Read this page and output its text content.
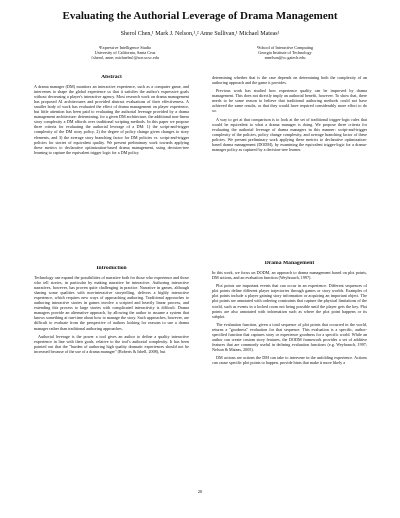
Evaluating the Authorial Leverage of Drama Management
Sherol Chen,¹ Mark J. Nelson,¹,² Anne Sullivan,¹ Michael Mateas¹
¹Expressive Intelligence Studio
University of California, Santa Cruz
{sherol, anne, michaelm}@soe.ucsc.edu
²School of Interactive Computing
Georgia Institute of Technology
mnelson@cc.gatech.edu
Abstract

A drama manager (DM) monitors an interactive experience, such as a computer game, and intervenes to shape the global experience so that it satisfies the author's expressive goals without decreasing a player's interactive agency. Most research work on drama management has proposed AI architectures and provided abstract evaluations of their effectiveness. A smaller body of work has evaluated the effect of drama management on player experience, but little attention has been paid to evaluating the authorial leverage provided by a drama management architecture: determining, for a given DM architecture, the additional non-linear story complexity a DM affords over traditional scripting methods. In this paper we propose three criteria for evaluating the authorial leverage of a DM: 1) the script-and-trigger complexity of the DM story policy, 2) the degree of policy change given changes to story elements, and 3) the average story branching factor for DM policies vs. script-and-trigger policies for stories of equivalent quality. We present preliminary work towards applying these metrics to declarative optimization-based drama management, using decision-tree learning to capture the equivalent trigger logic for a DM policy.

determining whether that is the case depends on determining both the complexity of an authoring approach and the game it provides.

Previous work has studied how experience quality can be improved by drama management. This does not directly imply an authorial benefit, however. To show that, there needs to be some reason to believe that traditional authoring methods could not have achieved the same results, or that they would have required considerably more effort to do so.

A way to get at that comparison is to look at the set of traditional trigger-logic rules that would be equivalent to what a drama manager is doing. We propose three criteria for evaluating the authorial leverage of drama managers in this manner: script-and-trigger complexity of the policies, policy change complexity, and average branching factor of these policies. We present preliminary work applying these metrics to declarative optimization-based drama management (DODM), by examining the equivalent trigger-logic for a drama-manager policy as captured by a decision-tree learner.

Introduction

Technology can expand the possibilities of narrative both for those who experience and those who tell stories, in particular by making narrative be interactive. Authoring interactive narratives, however, has proven quite challenging in practice. Narrative in games, although sharing some qualities with non-interactive storytelling, delivers a highly interactive experience, which requires new ways of approaching authoring. Traditional approaches to authoring interactive stories in games involve a scripted and heavily linear process, and extending this process to large stories with complicated interactivity is difficult. Drama managers provide an alternative approach, by allowing the author to assume a system that knows something at run-time about how to manage the story. Such approaches, however, are difficult to evaluate from the perspective of authors looking for reasons to use a drama manager rather than traditional authoring approaches.

Authorial leverage is the power a tool gives an author to define a quality interactive experience in line with their goals, relative to the tool's authorial complexity. It has been pointed out that the "burden of authoring high quality dramatic experiences should not be increased because of the use of a drama manager" (Roberts & Isbell, 2008), but

Drama Management

In this work, we focus on DODM, an approach to drama management based on plot points, DM actions, and an evaluation function (Weyhrauch, 1997).

Plot points are important events that can occur in an experience. Different sequences of plot points define different player trajectories through games or story worlds. Examples of plot points include a player gaining story information or acquiring an important object. The plot points are annotated with ordering constraints that capture the physical limitations of the world, such as events in a locked room not being possible until the player gets the key. Plot points are also annotated with information such as where the plot point happens or its subplot.

The evaluation function, given a total sequence of plot points that occurred in the world, returns a "goodness" evaluation for that sequence. This evaluation is a specific, author-specified function that captures story or experience goodness for a specific world. While an author can create custom story features, the DODM framework provides a set of additive features that are commonly useful in defining evaluation functions (e.g. Weyhrauch, 1997; Nelson & Mateas, 2005).

DM actions are actions the DM can take to intervene in the unfolding experience. Actions can cause specific plot points to happen, provide hints that make it more likely a

20
